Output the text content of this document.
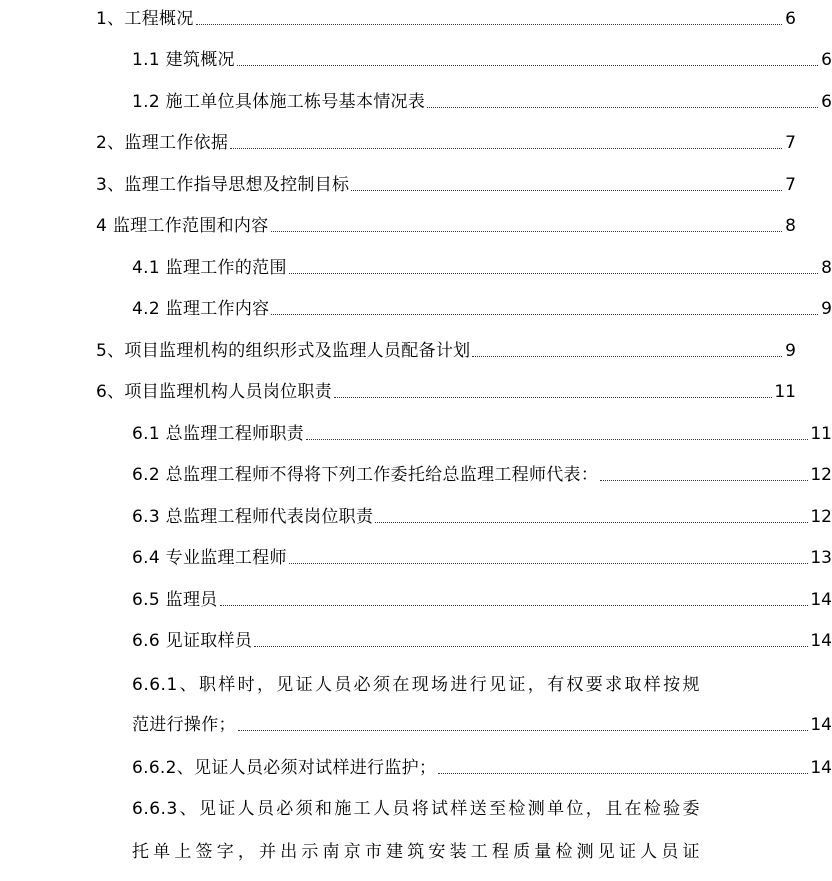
1、工程概况	6
1.1 建筑概况	6
1.2 施工单位具体施工栋号基本情况表	6
2、监理工作依据	7
3、监理工作指导思想及控制目标	7
4 监理工作范围和内容	8
4.1 监理工作的范围	8
4.2 监理工作内容	9
5、项目监理机构的组织形式及监理人员配备计划	9
6、项目监理机构人员岗位职责	11
6.1 总监理工程师职责	11
6.2 总监理工程师不得将下列工作委托给总监理工程师代表：	12
6.3 总监理工程师代表岗位职责	12
6.4 专业监理工程师	13
6.5 监理员	14
6.6 见证取样员	14
6.6.1、职样时，见证人员必须在现场进行见证，有权要求取样按规
范进行操作；	14
6.6.2、见证人员必须对试样进行监护；	14
6.6.3、见证人员必须和施工人员将试样送至检测单位，且在检验委
托单上签字，并出示南京市建筑安装工程质量检测见证人员证
